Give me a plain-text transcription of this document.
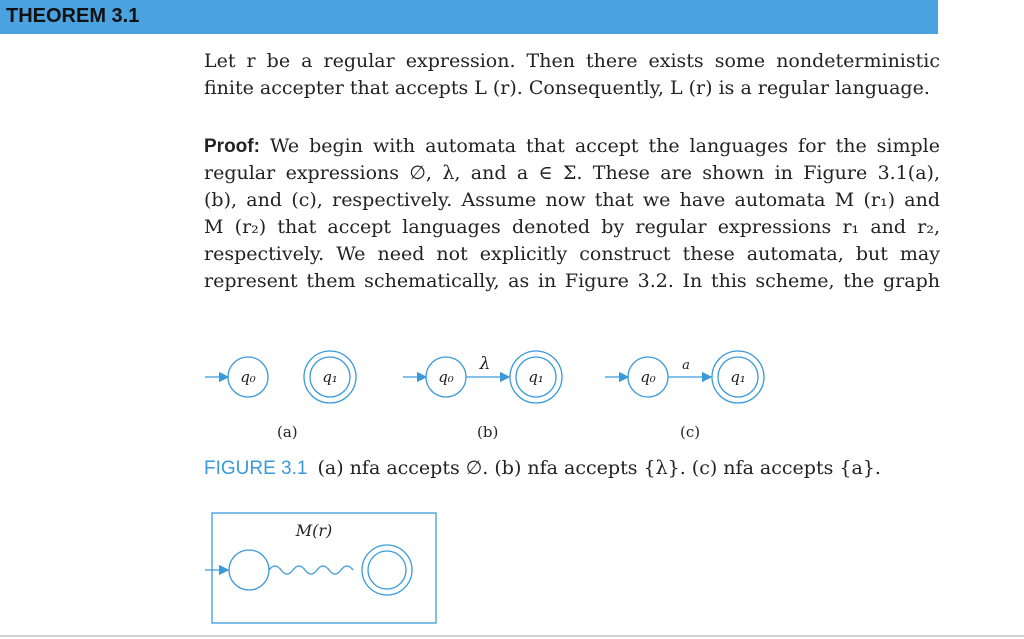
THEOREM 3.1
Let r be a regular expression. Then there exists some nondeterministic
finite accepter that accepts L (r). Consequently, L (r) is a regular language.
Proof: We begin with automata that accept the languages for the simple
regular expressions ∅, λ, and a ∈ Σ. These are shown in Figure 3.1(a),
(b), and (c), respectively. Assume now that we have automata M (r₁) and
M (r₂) that accept languages denoted by regular expressions r₁ and r₂,
respectively. We need not explicitly construct these automata, but may
represent them schematically, as in Figure 3.2. In this scheme, the graph
q₀	q₁	q₀	q₁	q₀	q₁
λ	a
M(r)
(a)	(b)	(c)
FIGURE 3.1 (a) nfa accepts ∅. (b) nfa accepts {λ}. (c) nfa accepts {a}.
